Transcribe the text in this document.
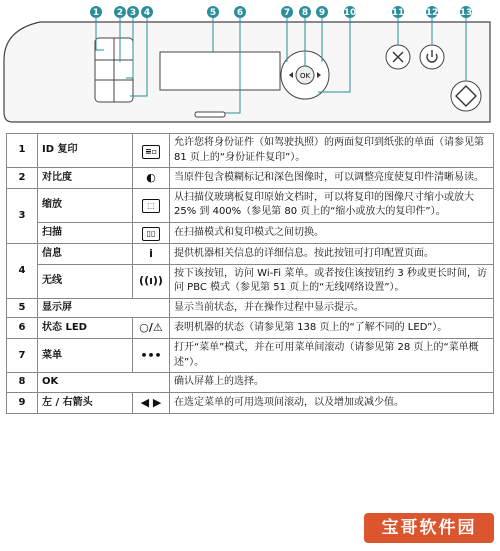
OK
1 2 3 4	5 6	7 8 9 10	11 12 13
1	ID 复印	≡▫	允许您将身份证件（如驾驶执照）的两面复印到纸张的单面（请参见第 81 页上的“身份证件复印”）。
2	对比度	◐	当原件包含模糊标记和深色图像时，可以调整亮度使复印件清晰易读。
3	缩放	⬚	从扫描仪玻璃板复印原始文档时，可以将复印的图像尺寸缩小或放大 25% 到 400%（参见第 80 页上的“缩小或放大的复印件”）。
	扫描	▯▯	在扫描模式和复印模式之间切换。
4	信息	i	提供机器相关信息的详细信息。按此按钮可打印配置页面。
	无线	((ı))	按下该按钮，访问 Wi-Fi 菜单。或者按住该按钮约 3 秒或更长时间，访问 PBC 模式（参见第 51 页上的“无线网络设置”）。
5	显示屏		显示当前状态，并在操作过程中显示提示。
6	状态 LED	○/⚠	表明机器的状态（请参见第 138 页上的“了解不同的 LED”）。
7	菜单	•••	打开“菜单”模式，并在可用菜单间滚动（请参见第 28 页上的“菜单概述”）。
8	OK		确认屏幕上的选择。
9	左 / 右箭头	◀ ▶	在选定菜单的可用选项间滚动，以及增加或减少值。
宝哥软件园
